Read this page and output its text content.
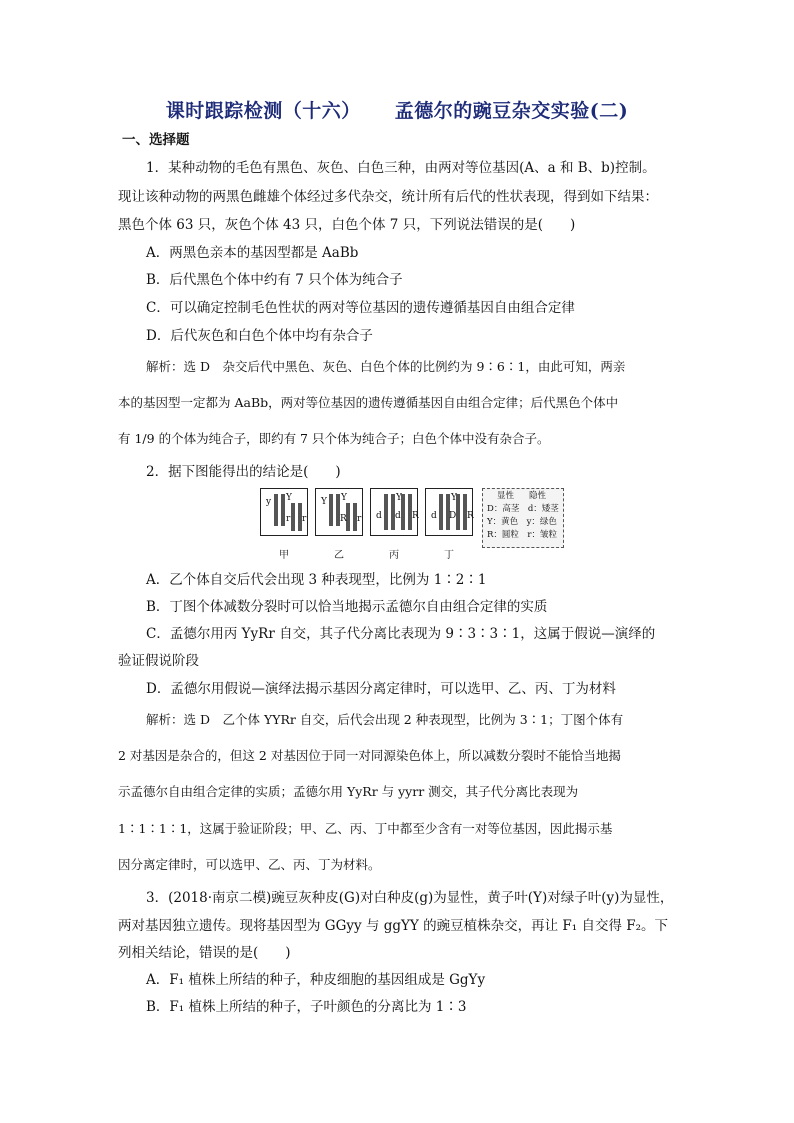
课时跟踪检测（十六） 孟德尔的豌豆杂交实验(二)
一、选择题
1．某种动物的毛色有黑色、灰色、白色三种，由两对等位基因(A、a 和 B、b)控制。
现让该种动物的两黑色雌雄个体经过多代杂交，统计所有后代的性状表现，得到如下结果：
黑色个体 63 只，灰色个体 43 只，白色个体 7 只，下列说法错误的是(　　)
A．两黑色亲本的基因型都是 AaBb
B．后代黑色个体中约有 7 只个体为纯合子
C．可以确定控制毛色性状的两对等位基因的遗传遵循基因自由组合定律
D．后代灰色和白色个体中均有杂合子
解析：选 D　杂交后代中黑色、灰色、白色个体的比例约为 9∶6∶1，由此可知，两亲
本的基因型一定都为 AaBb，两对等位基因的遗传遵循基因自由组合定律；后代黑色个体中
有 1/9 的个体为纯合子，即约有 7 只个体为纯合子；白色个体中没有杂合子。
2．据下图能得出的结论是(　　)
y Y
r r
甲
Y Y
R r
乙
d
Y
d R
丙
d
Y
D R
丁
显性 隐性
D：高茎　d：矮茎
Y：黄色　y：绿色
R：圆粒　r：皱粒
A．乙个体自交后代会出现 3 种表现型，比例为 1∶2∶1
B．丁图个体减数分裂时可以恰当地揭示孟德尔自由组合定律的实质
C．孟德尔用丙 YyRr 自交，其子代分离比表现为 9∶3∶3∶1，这属于假说—演绎的
验证假说阶段
D．孟德尔用假说—演绎法揭示基因分离定律时，可以选甲、乙、丙、丁为材料
解析：选 D　乙个体 YYRr 自交，后代会出现 2 种表现型，比例为 3∶1；丁图个体有
2 对基因是杂合的，但这 2 对基因位于同一对同源染色体上，所以减数分裂时不能恰当地揭
示孟德尔自由组合定律的实质；孟德尔用 YyRr 与 yyrr 测交，其子代分离比表现为
1∶1∶1∶1，这属于验证阶段；甲、乙、丙、丁中都至少含有一对等位基因，因此揭示基
因分离定律时，可以选甲、乙、丙、丁为材料。
3．(2018·南京二模)豌豆灰种皮(G)对白种皮(g)为显性，黄子叶(Y)对绿子叶(y)为显性，
两对基因独立遗传。现将基因型为 GGyy 与 ggYY 的豌豆植株杂交，再让 F₁ 自交得 F₂。下
列相关结论，错误的是(　　)
A．F₁ 植株上所结的种子，种皮细胞的基因组成是 GgYy
B．F₁ 植株上所结的种子，子叶颜色的分离比为 1∶3
